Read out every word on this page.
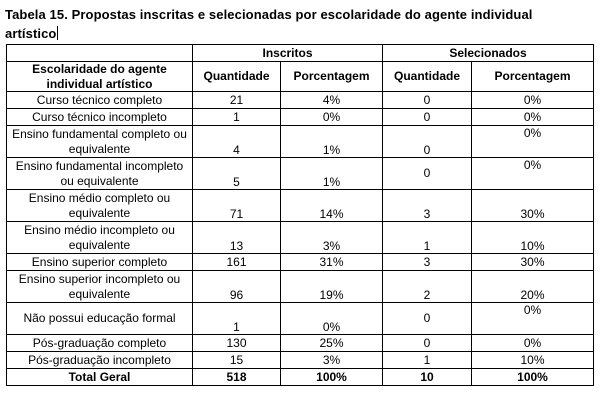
Tabela 15. Propostas inscritas e selecionadas por escolaridade do agente individual artístico
	Inscritos		Selecionados	
Escolaridade do agente individual artístico	Quantidade	Porcentagem	Quantidade	Porcentagem
Curso técnico completo	21	4%	0	0%
Curso técnico incompleto	1	0%	0	0%
Ensino fundamental completo ou equivalente	4	1%	0	0%
Ensino fundamental incompleto ou equivalente	5	1%	0	0%
Ensino médio completo ou equivalente	71	14%	3	30%
Ensino médio incompleto ou equivalente	13	3%	1	10%
Ensino superior completo	161	31%	3	30%
Ensino superior incompleto ou equivalente	96	19%	2	20%
Não possui educação formal	1	0%	0	0%
Pós-graduação completo	130	25%	0	0%
Pós-graduação incompleto	15	3%	1	10%
Total Geral	518	100%	10	100%
